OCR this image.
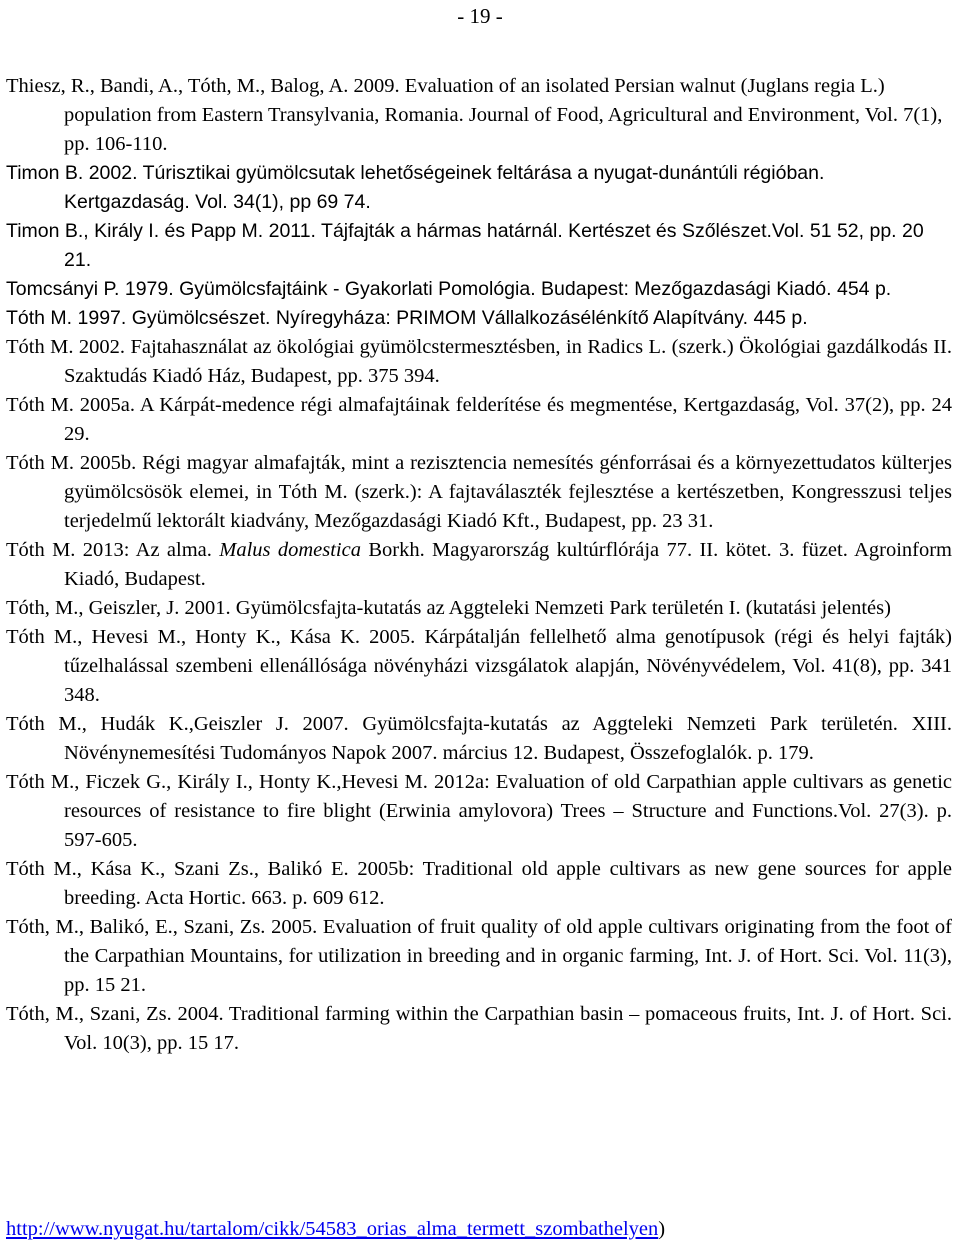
- 19 -

Thiesz, R., Bandi, A., Tóth, M., Balog, A. 2009. Evaluation of an isolated Persian walnut (Juglans regia L.) population from Eastern Transylvania, Romania. Journal of Food, Agricultural and Environment, Vol. 7(1), pp. 106-110.

Timon B. 2002. Túrisztikai gyümölcsutak lehetőségeinek feltárása a nyugat-dunántúli régióban. Kertgazdaság. Vol. 34(1), pp 69 74.

Timon B., Király I. és Papp M. 2011. Tájfajták a hármas határnál. Kertészet és Szőlészet.Vol. 51 52, pp. 20 21.

Tomcsányi P. 1979. Gyümölcsfajtáink - Gyakorlati Pomológia. Budapest: Mezőgazdasági Kiadó. 454 p.

Tóth M. 1997. Gyümölcsészet. Nyíregyháza: PRIMOM Vállalkozásélénkítő Alapítvány. 445 p.

Tóth M. 2002. Fajtahasználat az ökológiai gyümölcstermesztésben, in Radics L. (szerk.) Ökológiai gazdálkodás II. Szaktudás Kiadó Ház, Budapest, pp. 375 394.

Tóth M. 2005a. A Kárpát-medence régi almafajtáinak felderítése és megmentése, Kertgazdaság, Vol. 37(2), pp. 24 29.

Tóth M. 2005b. Régi magyar almafajták, mint a rezisztencia nemesítés génforrásai és a környezettudatos külterjes gyümölcsösök elemei, in Tóth M. (szerk.): A fajtaválaszték fejlesztése a kertészetben, Kongresszusi teljes terjedelmű lektorált kiadvány, Mezőgazdasági Kiadó Kft., Budapest, pp. 23 31.

Tóth M. 2013: Az alma. Malus domestica Borkh. Magyarország kultúrflórája 77. II. kötet. 3. füzet. Agroinform Kiadó, Budapest.

Tóth, M., Geiszler, J. 2001. Gyümölcsfajta-kutatás az Aggteleki Nemzeti Park területén I. (kutatási jelentés)

Tóth M., Hevesi M., Honty K., Kása K. 2005. Kárpátalján fellelhető alma genotípusok (régi és helyi fajták) tűzelhalással szembeni ellenállósága növényházi vizsgálatok alapján, Növényvédelem, Vol. 41(8), pp. 341 348.

Tóth M., Hudák K.,Geiszler J. 2007. Gyümölcsfajta-kutatás az Aggteleki Nemzeti Park területén. XIII. Növénynemesítési Tudományos Napok 2007. március 12. Budapest, Összefoglalók. p. 179.

Tóth M., Ficzek G., Király I., Honty K.,Hevesi M. 2012a: Evaluation of old Carpathian apple cultivars as genetic resources of resistance to fire blight (Erwinia amylovora) Trees – Structure and Functions.Vol. 27(3). p. 597-605.

Tóth M., Kása K., Szani Zs., Balikó E. 2005b: Traditional old apple cultivars as new gene sources for apple breeding. Acta Hortic. 663. p. 609 612.

Tóth, M., Balikó, E., Szani, Zs. 2005. Evaluation of fruit quality of old apple cultivars originating from the foot of the Carpathian Mountains, for utilization in breeding and in organic farming, Int. J. of Hort. Sci. Vol. 11(3), pp. 15 21.

Tóth, M., Szani, Zs. 2004. Traditional farming within the Carpathian basin – pomaceous fruits, Int. J. of Hort. Sci. Vol. 10(3), pp. 15 17.

http://www.nyugat.hu/tartalom/cikk/54583_orias_alma_termett_szombathelyen)
